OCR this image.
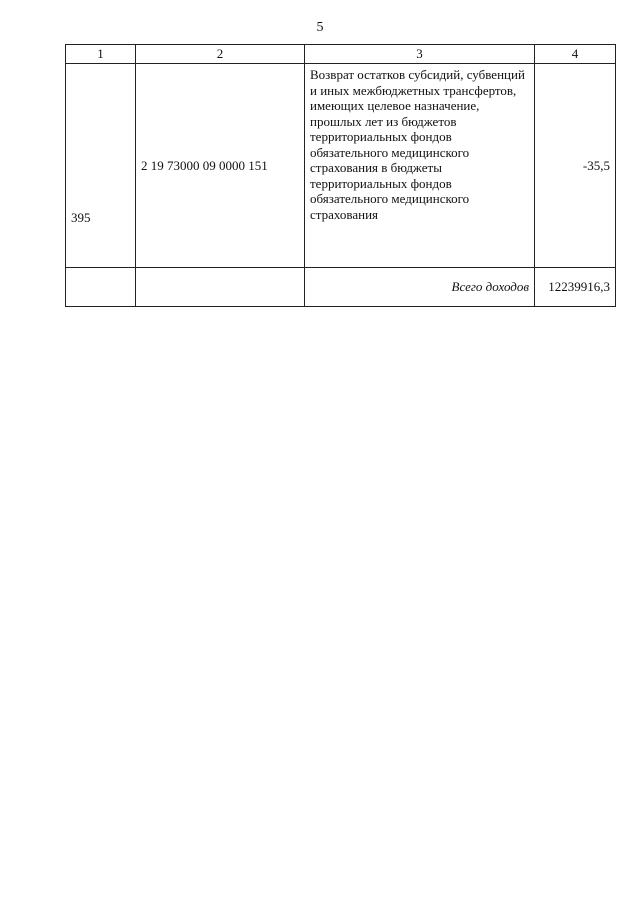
5
1	2	3	4
395	2 19 73000 09 0000 151	Возврат остатков субсидий, субвенций и иных межбюджетных трансфертов, имеющих целевое назначение, прошлых лет из бюджетов территориальных фондов обязательного медицинского страхования в бюджеты территориальных фондов обязательного медицинского страхования	-35,5
		Всего доходов	12239916,3
